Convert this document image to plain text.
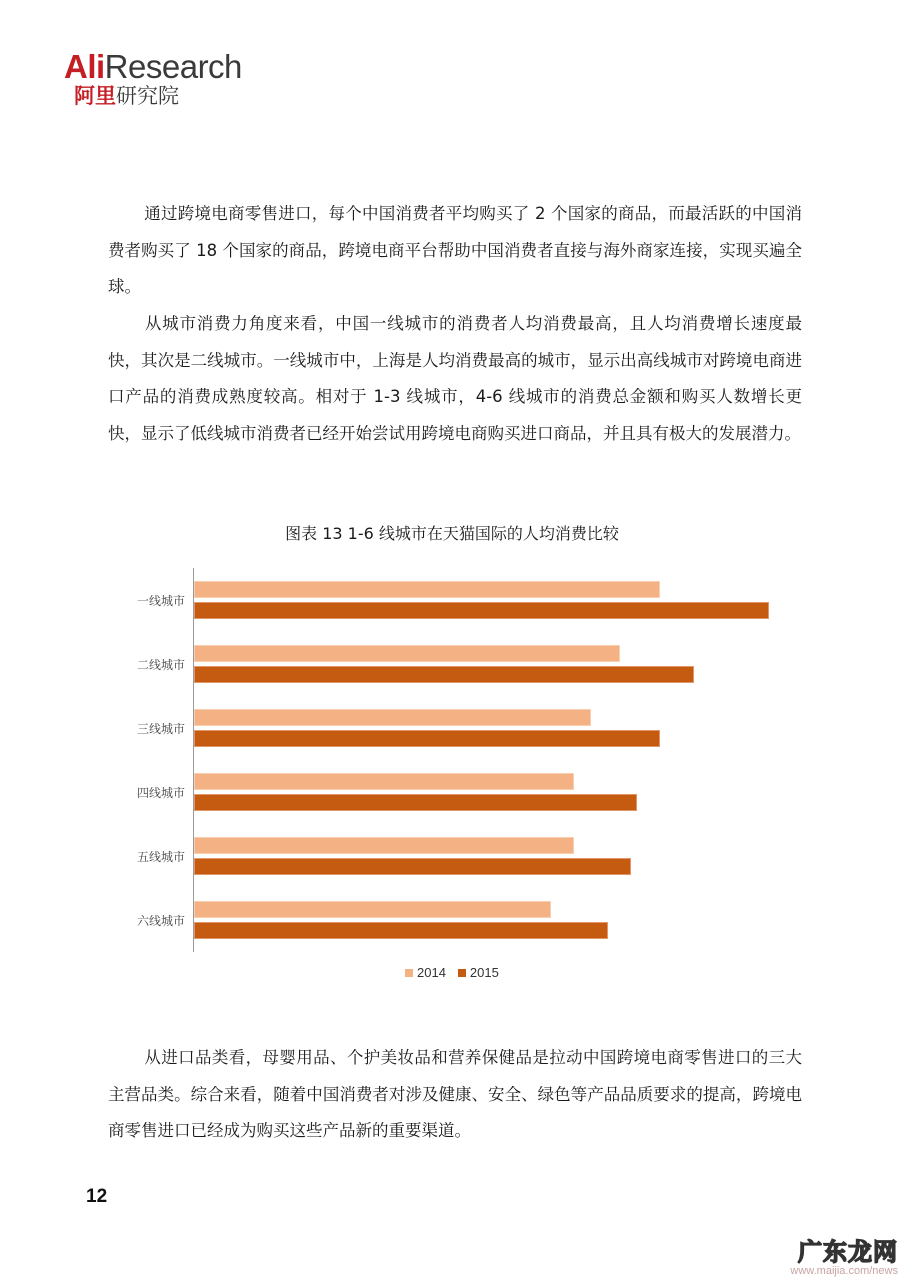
AliResearch
阿里研究院
通过跨境电商零售进口，每个中国消费者平均购买了 2 个国家的商品，而最活跃的中国消费者购买了 18 个国家的商品，跨境电商平台帮助中国消费者直接与海外商家连接，实现买遍全球。
从城市消费力角度来看，中国一线城市的消费者人均消费最高，且人均消费增长速度最快，其次是二线城市。一线城市中，上海是人均消费最高的城市，显示出高线城市对跨境电商进口产品的消费成熟度较高。相对于 1-3 线城市，4-6 线城市的消费总金额和购买人数增长更快，显示了低线城市消费者已经开始尝试用跨境电商购买进口商品，并且具有极大的发展潜力。
图表 13 1-6 线城市在天猫国际的人均消费比较
一线城市
二线城市
三线城市
四线城市
五线城市
六线城市
2014 2015
从进口品类看，母婴用品、个护美妆品和营养保健品是拉动中国跨境电商零售进口的三大主营品类。综合来看，随着中国消费者对涉及健康、安全、绿色等产品品质要求的提高，跨境电商零售进口已经成为购买这些产品新的重要渠道。
12
广东龙网
www.maijia.com/news
